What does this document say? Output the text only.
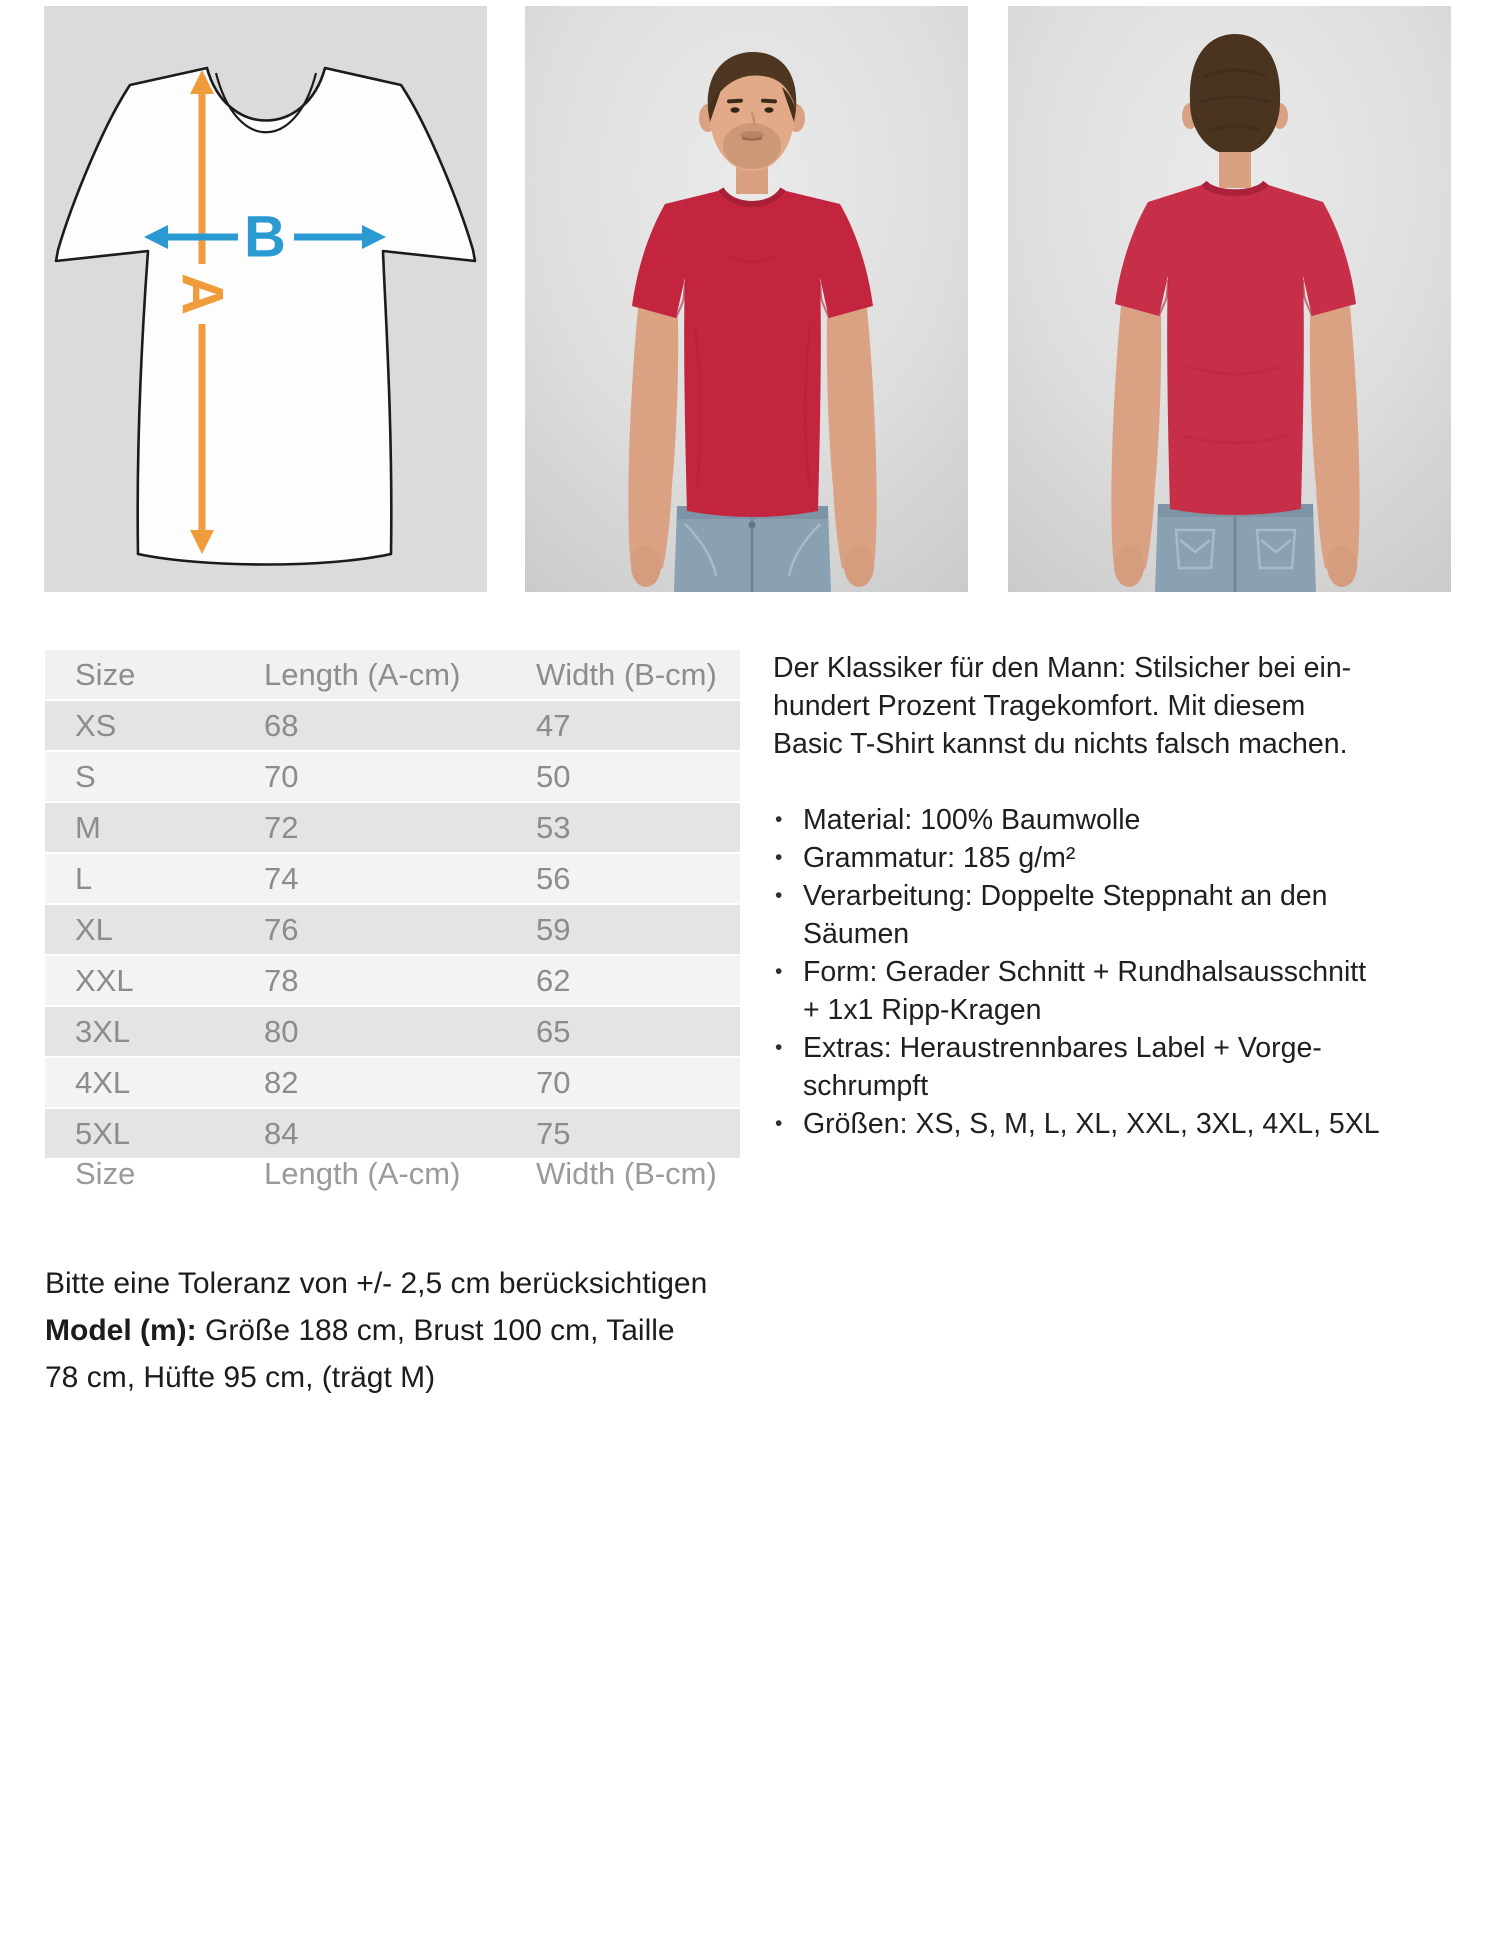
A
B
Size	Length (A-cm)	Width (B-cm)
XS	68	47
S	70	50
M	72	53
L	74	56
XL	76	59
XXL	78	62
3XL	80	65
4XL	82	70
5XL	84	75
Size	Length (A-cm)	Width (B-cm)
Der Klassiker für den Mann: Stilsicher bei ein-
hundert Prozent Tragekomfort. Mit diesem
Basic T-Shirt kannst du nichts falsch machen.
• Material: 100% Baumwolle
• Grammatur: 185 g/m²
• Verarbeitung: Doppelte Steppnaht an den
Säumen
• Form: Gerader Schnitt + Rundhalsausschnitt
+ 1x1 Ripp-Kragen
• Extras: Heraustrennbares Label + Vorge-
schrumpft
• Größen: XS, S, M, L, XL, XXL, 3XL, 4XL, 5XL
Bitte eine Toleranz von +/- 2,5 cm berücksichtigen
Model (m): Größe 188 cm, Brust 100 cm, Taille
78 cm, Hüfte 95 cm, (trägt M)
